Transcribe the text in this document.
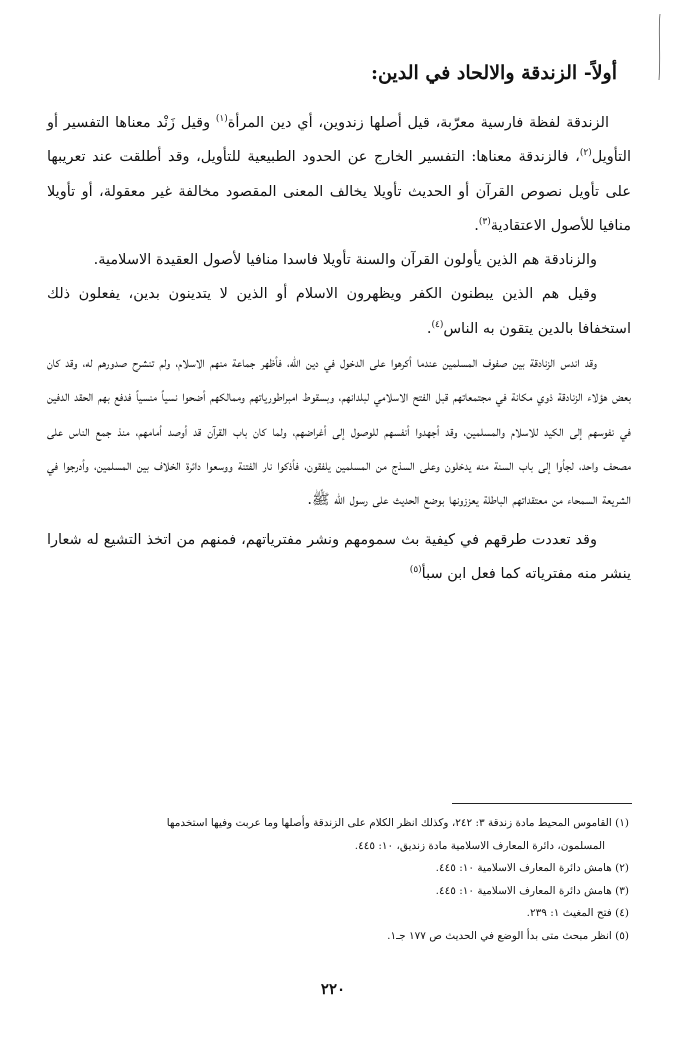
أولاً- الزندقة والالحاد في الدين:

الزندقة لفظة فارسية معرّبة، قيل أصلها زندوين، أي دين المرأة$^{(١)}$ وقيل زَنْد معناها التفسير أو التأويل$^{(٢)}$، فالزندقة معناها: التفسير الخارج عن الحدود الطبيعية للتأويل، وقد أطلقت عند تعريبها على تأويل نصوص القرآن أو الحديث تأويلا يخالف المعنى المقصود مخالفة غير معقولة، أو تأويلا منافيا للأصول الاعتقادية$^{(٣)}$.

والزنادقة هم الذين يأولون القرآن والسنة تأويلا فاسدا منافيا لأصول العقيدة الاسلامية.

وقيل هم الذين يبطنون الكفر ويظهرون الاسلام أو الذين لا يتدينون بدين، يفعلون ذلك استخفافا بالدين يتقون به الناس$^{(٤)}$.

وقد اندس الزنادقة بين صفوف المسلمين عندما أكرهوا على الدخول في دين الله، فأظهر جماعة منهم الاسلام، ولم تنشرح صدورهم له، وقد كان بعض هؤلاء الزنادقة ذوي مكانة في مجتمعاتهم قبل الفتح الاسلامي لبلدانهم، وبسقوط امبراطورياتهم وممالكهم أضحوا نسياً منسياً فدفع بهم الحقد الدفين في نفوسهم إلى الكيد للاسلام والمسلمين، وقد أجهدوا أنفسهم للوصول إلى أغراضهم، ولما كان باب القرآن قد أوصد أمامهم، منذ جمع الناس على مصحف واحد، لجأوا إلى باب السنة منه يدخلون وعلى السذج من المسلمين يلفقون، فأذكوا نار الفتنة ووسعوا دائرة الخلاف بين المسلمين، وأدرجوا في الشريعة السمحاء من معتقداتهم الباطلة يعززونها بوضع الحديث على رسول الله ﷺ.

وقد تعددت طرقهم في كيفية بث سمومهم ونشر مفترياتهم، فمنهم من اتخذ التشيع له شعارا ينشر منه مفترياته كما فعل ابن سبأ$^{(٥)}$

(١) القاموس المحيط مادة زندقة ٣: ٢٤٢، وكذلك انظر الكلام على الزندقة وأصلها وما عربت وفيها استخدمها

المسلمون، دائرة المعارف الاسلامية مادة زنديق، ١٠: ٤٤٥.

(٢) هامش دائرة المعارف الاسلامية ١٠: ٤٤٥.

(٣) هامش دائرة المعارف الاسلامية ١٠: ٤٤٥.

(٤) فتح المغيث ١: ٢٣٩.

(٥) انظر مبحث متى بدأ الوضع في الحديث ص ١٧٧ جـ١.

٢٢٠
